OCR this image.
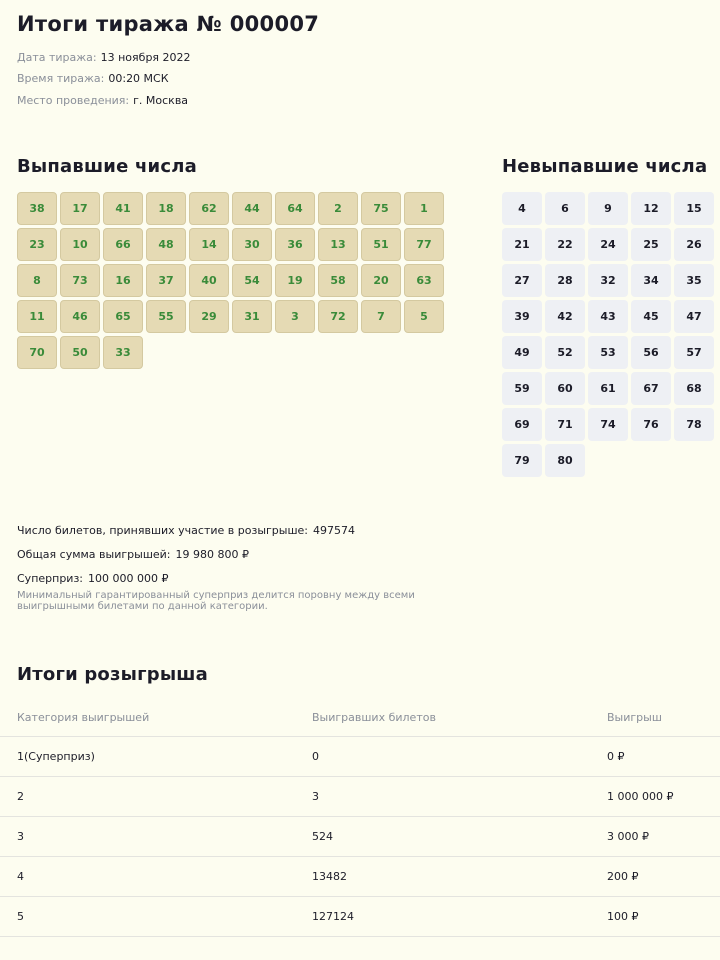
Итоги тиража № 000007
Дата тиража: 13 ноября 2022
Время тиража: 00:20 МСК
Место проведения: г. Москва
Выпавшие числа	Невыпавшие числа
38	17	41	18	62	44	64	2	75	1
23	10	66	48	14	30	36	13	51	77
8	73	16	37	40	54	19	58	20	63
11	46	65	55	29	31	3	72	7	5
70	50	33
4	6	9	12	15
21	22	24	25	26
27	28	32	34	35
39	42	43	45	47
49	52	53	56	57
59	60	61	67	68
69	71	74	76	78
79	80
Число билетов, принявших участие в розыгрыше: 497574
Общая сумма выигрышей: 19 980 800 ₽
Суперприз: 100 000 000 ₽
Минимальный гарантированный суперприз делится поровну между всеми выигрышными билетами по данной категории.
Итоги розыгрыша
Категория выигрышей	Выигравших билетов	Выигрыш
1(Суперприз)	0	0 ₽
2	3	1 000 000 ₽
3	524	3 000 ₽
4	13482	200 ₽
5	127124	100 ₽
